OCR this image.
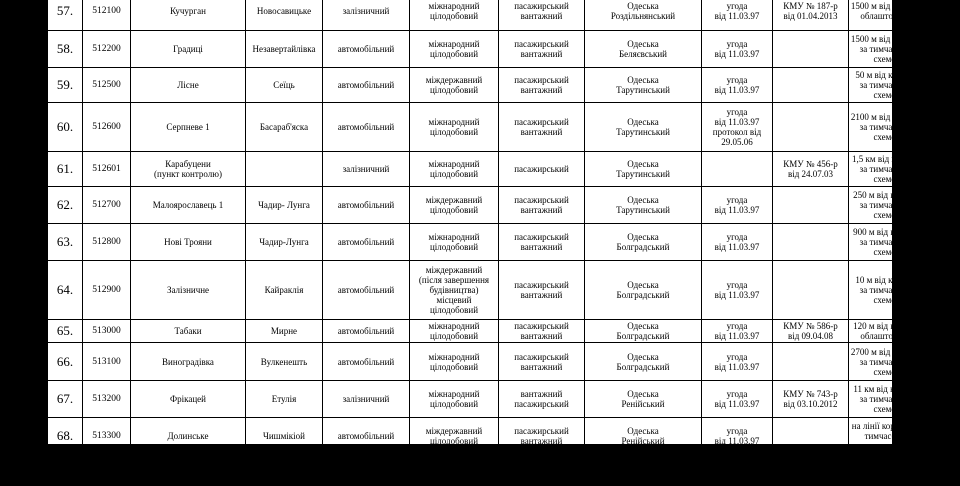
57.	512100	Кучурган	Новосавицьке	залізничний	міжнародний
цілодобовий	пасажирський
вантажний	Одеська
Роздільнянський	угода
від 11.03.97	КМУ № 187-р
від 01.04.2013	1500 м від кордону,
облаштований
58.	512200	Градиці	Незавертайлівка	автомобільний	міжнародний
цілодобовий	пасажирський
вантажний	Одеська
Беляєвський	угода
від 11.03.97		1500 м від кордону,
за тимчасовою
схемою
59.	512500	Лісне	Сеїць	автомобільний	міждержавний
цілодобовий	пасажирський
вантажний	Одеська
Тарутинський	угода
від 11.03.97		50 м від кордону,
за тимчасовою
схемою
60.	512600	Серпневе 1	Басараб'яска	автомобільний	міжнародний
цілодобовий	пасажирський
вантажний	Одеська
Тарутинський	угода
від 11.03.97
протокол від
29.05.06		2100 м від кордону,
за тимчасовою
схемою
61.	512601	Карабуцени
(пункт контролю)		залізничний	міжнародний
цілодобовий	пасажирський	Одеська
Тарутинський		КМУ № 456-р
від 24.07.03	1,5 км від кордону,
за тимчасовою
схемою
62.	512700	Малоярославець 1	Чадир- Лунга	автомобільний	міждержавний
цілодобовий	пасажирський
вантажний	Одеська
Тарутинський	угода
від 11.03.97		250 м від кордону,
за тимчасовою
схемою
63.	512800	Нові Трояни	Чадир-Лунга	автомобільний	міжнародний
цілодобовий	пасажирський
вантажний	Одеська
Болградський	угода
від 11.03.97		900 м від кордону,
за тимчасовою
схемою
64.	512900	Залізничне	Кайраклія	автомобільний	міждержавний
(після завершення
будівництва)
місцевий
цілодобовий	пасажирський
вантажний	Одеська
Болградський	угода
від 11.03.97		10 м від кордону,
за тимчасовою
схемою
65.	513000	Табаки	Мирне	автомобільний	міжнародний
цілодобовий	пасажирський
вантажний	Одеська
Болградський	угода
від 11.03.97	КМУ № 586-р
від 09.04.08	120 м від кордону,
облаштований
66.	513100	Виноградівка	Вулкенешть	автомобільний	міжнародний
цілодобовий	пасажирський
вантажний	Одеська
Болградський	угода
від 11.03.97		2700 м від кордону,
за тимчасовою
схемою
67.	513200	Фрікацей	Етулія	залізничний	міжнародний
цілодобовий	вантажний
пасажирський	Одеська
Ренійський	угода
від 11.03.97	КМУ № 743-р
від 03.10.2012	11 км від кордону,
за тимчасовою
схемою
68.	513300	Долинське	Чишмікіой	автомобільний	міждержавний
цілодобовий	пасажирський
вантажний	Одеська
Ренійський	угода
від 11.03.97		на лінії кордону, за
тимчасовою
схемою
69.	513400	Болград			міжнародний	пасажирський	Одеська		КМУ № 456-р	8 км від кордону
